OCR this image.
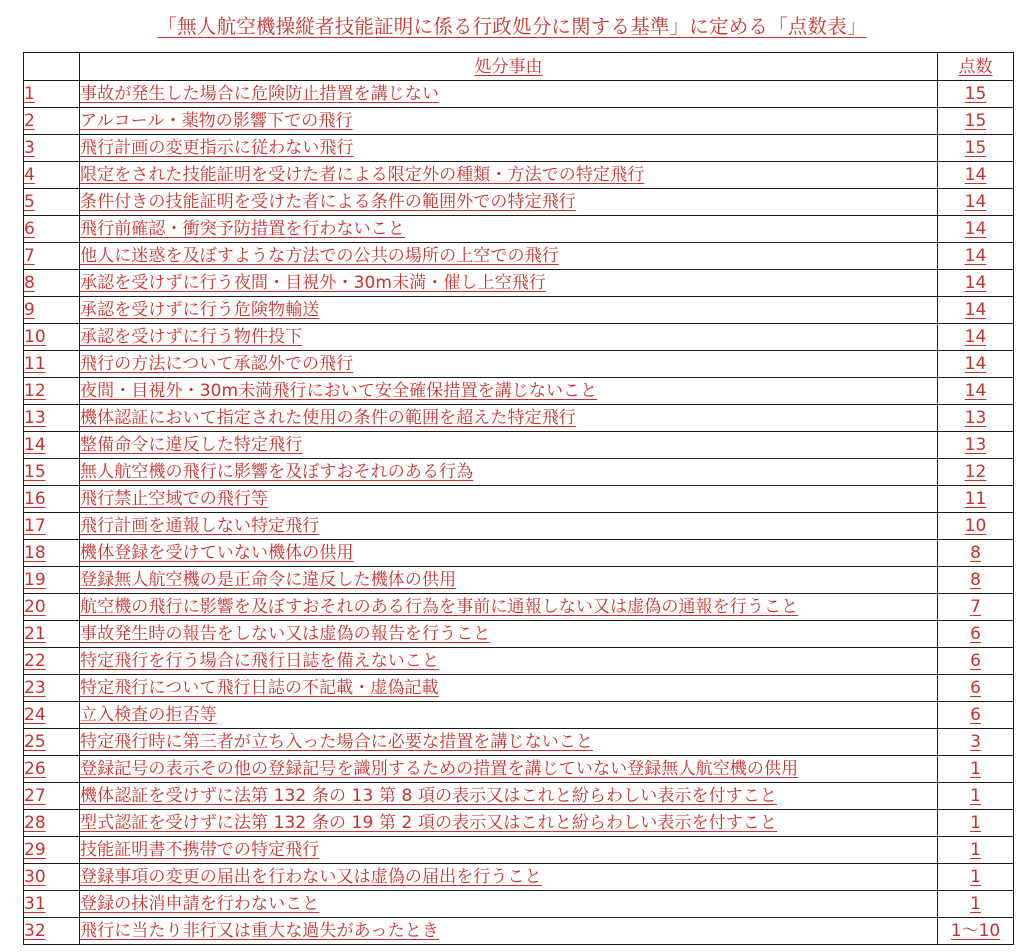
「無人航空機操縦者技能証明に係る行政処分に関する基準」に定める「点数表」
	処分事由	点数
1	事故が発生した場合に危険防止措置を講じない	15
2	アルコール・薬物の影響下での飛行	15
3	飛行計画の変更指示に従わない飛行	15
4	限定をされた技能証明を受けた者による限定外の種類・方法での特定飛行	14
5	条件付きの技能証明を受けた者による条件の範囲外での特定飛行	14
6	飛行前確認・衝突予防措置を行わないこと	14
7	他人に迷惑を及ぼすような方法での公共の場所の上空での飛行	14
8	承認を受けずに行う夜間・目視外・30m未満・催し上空飛行	14
9	承認を受けずに行う危険物輸送	14
10	承認を受けずに行う物件投下	14
11	飛行の方法について承認外での飛行	14
12	夜間・目視外・30m未満飛行において安全確保措置を講じないこと	14
13	機体認証において指定された使用の条件の範囲を超えた特定飛行	13
14	整備命令に違反した特定飛行	13
15	無人航空機の飛行に影響を及ぼすおそれのある行為	12
16	飛行禁止空域での飛行等	11
17	飛行計画を通報しない特定飛行	10
18	機体登録を受けていない機体の供用	8
19	登録無人航空機の是正命令に違反した機体の供用	8
20	航空機の飛行に影響を及ぼすおそれのある行為を事前に通報しない又は虚偽の通報を行うこと	7
21	事故発生時の報告をしない又は虚偽の報告を行うこと	6
22	特定飛行を行う場合に飛行日誌を備えないこと	6
23	特定飛行について飛行日誌の不記載・虚偽記載	6
24	立入検査の拒否等	6
25	特定飛行時に第三者が立ち入った場合に必要な措置を講じないこと	3
26	登録記号の表示その他の登録記号を識別するための措置を講じていない登録無人航空機の供用	1
27	機体認証を受けずに法第 132 条の 13 第 8 項の表示又はこれと紛らわしい表示を付すこと	1
28	型式認証を受けずに法第 132 条の 19 第 2 項の表示又はこれと紛らわしい表示を付すこと	1
29	技能証明書不携帯での特定飛行	1
30	登録事項の変更の届出を行わない又は虚偽の届出を行うこと	1
31	登録の抹消申請を行わないこと	1
32	飛行に当たり非行又は重大な過失があったとき	1〜10
